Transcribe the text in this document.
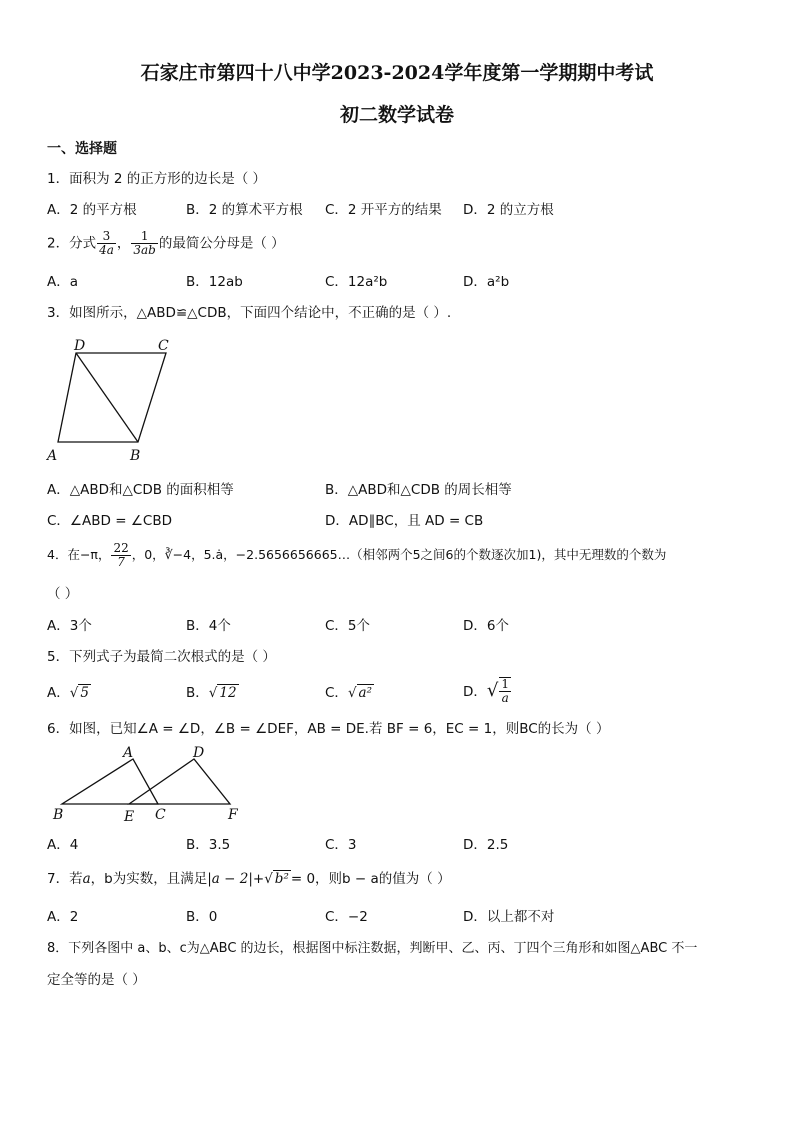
石家庄市第四十八中学2023-2024学年度第一学期期中考试
初二数学试卷
一、选择题
1．面积为 2 的正方形的边长是（ ）
A．2 的平方根	B．2 的算术平方根 C．2 开平方的结果 D．2 的立方根
2．分式 $\frac{3}{4a}$ ， $\frac{1}{3ab}$ 的最简公分母是（ ）
A．a	B．12ab	C．12a²b	D．a²b
3．如图所示，△ABD≌△CDB，下面四个结论中，不正确的是（ ）.
D	C
A	B
A．△ABD和△CDB 的面积相等	B．△ABD和△CDB 的周长相等
C．∠ABD = ∠CBD	D．AD∥BC，且 AD = CB
4．在−π， $\frac{22}{7}$ ，0，∛−4，5.ȧ，−2.5656656665…（相邻两个5之间6的个数逐次加1)，其中无理数的个数为
（ ）
A．3个	B．4个	C．5个	D．6个
5．下列式子为最简二次根式的是（ ）
A．√ 5	B．√ 12	C．√ a²	D．√ $\frac{1}{a}$
6．如图，已知∠A = ∠D，∠B = ∠DEF，AB = DE.若 BF = 6，EC = 1，则BC的长为（ ）
A	D
B	E C	F
A．4	B．3.5	C．3	D．2.5
7．若a，b为实数，且满足|a − 2|+√ b² = 0，则b − a的值为（ ）
A．2	B．0	C．−2	D．以上都不对
8．下列各图中 a、b、c为△ABC 的边长，根据图中标注数据，判断甲、乙、丙、丁四个三角形和如图△ABC 不一
定全等的是（ ）
